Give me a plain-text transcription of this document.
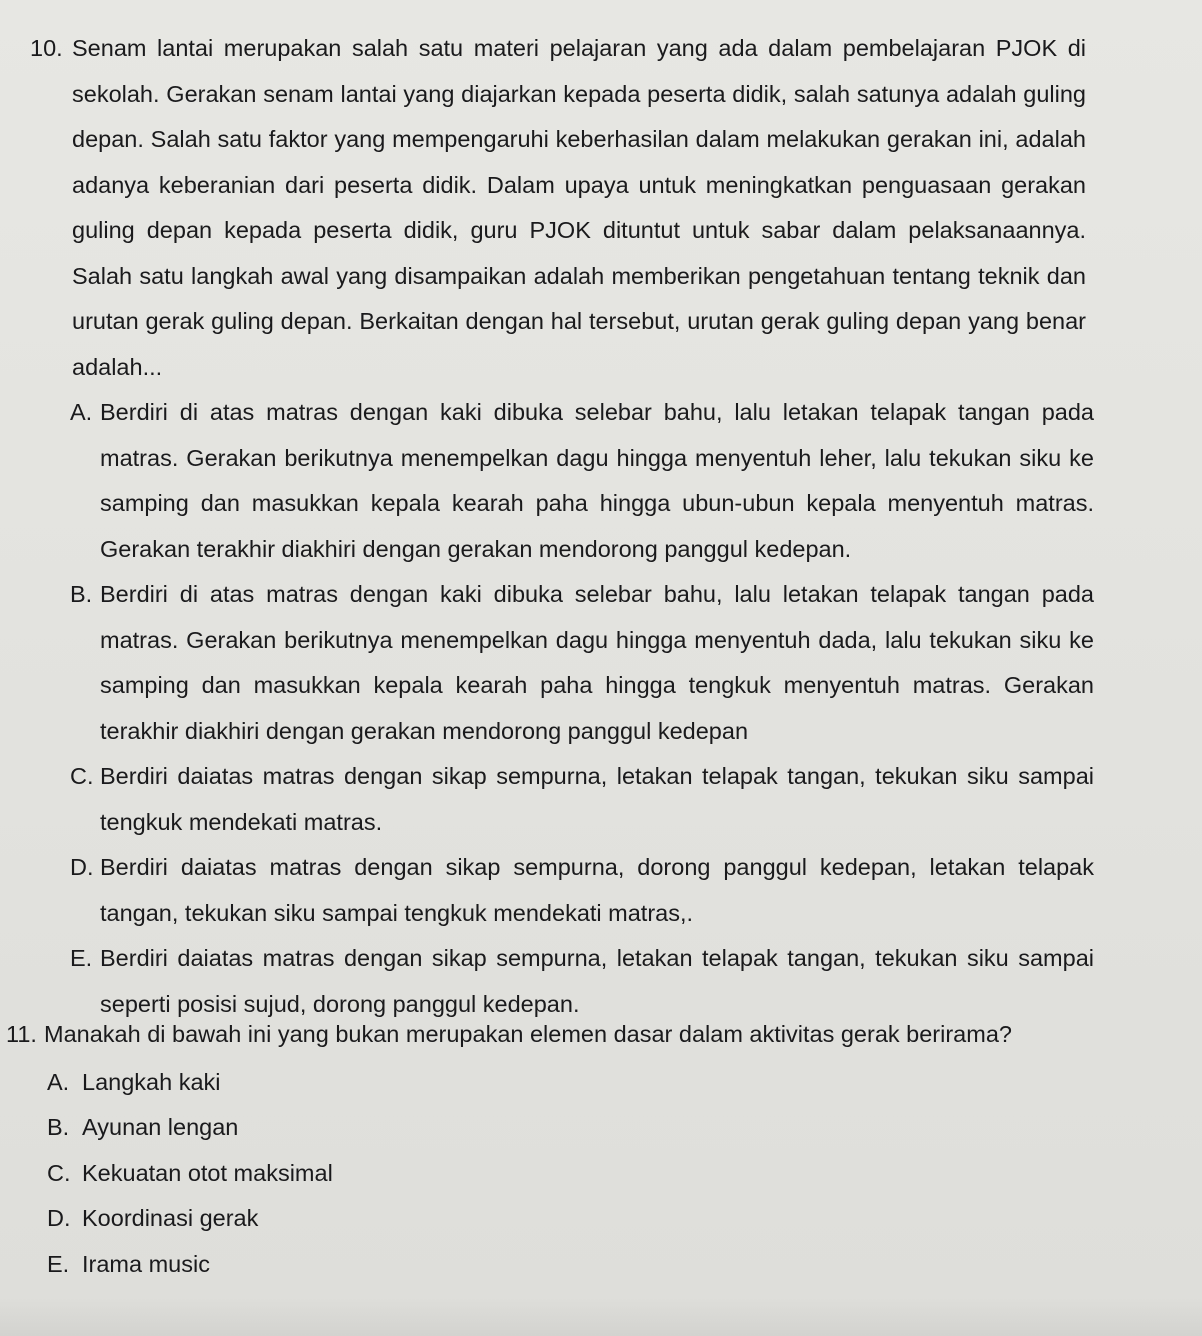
10. Senam lantai merupakan salah satu materi pelajaran yang ada dalam pembelajaran PJOK di sekolah. Gerakan senam lantai yang diajarkan kepada peserta didik, salah satunya adalah guling depan. Salah satu faktor yang mempengaruhi keberhasilan dalam melakukan gerakan ini, adalah adanya keberanian dari peserta didik. Dalam upaya untuk meningkatkan penguasaan gerakan guling depan kepada peserta didik, guru PJOK dituntut untuk sabar dalam pelaksanaannya. Salah satu langkah awal yang disampaikan adalah memberikan pengetahuan tentang teknik dan urutan gerak guling depan. Berkaitan dengan hal tersebut, urutan gerak guling depan yang benar adalah...
A. Berdiri di atas matras dengan kaki dibuka selebar bahu, lalu letakan telapak tangan pada matras. Gerakan berikutnya menempelkan dagu hingga menyentuh leher, lalu tekukan siku ke samping dan masukkan kepala kearah paha hingga ubun-ubun kepala menyentuh matras. Gerakan terakhir diakhiri dengan gerakan mendorong panggul kedepan.
B. Berdiri di atas matras dengan kaki dibuka selebar bahu, lalu letakan telapak tangan pada matras. Gerakan berikutnya menempelkan dagu hingga menyentuh dada, lalu tekukan siku ke samping dan masukkan kepala kearah paha hingga tengkuk menyentuh matras. Gerakan terakhir diakhiri dengan gerakan mendorong panggul kedepan
C. Berdiri daiatas matras dengan sikap sempurna, letakan telapak tangan, tekukan siku sampai tengkuk mendekati matras.
D. Berdiri daiatas matras dengan sikap sempurna, dorong panggul kedepan, letakan telapak tangan, tekukan siku sampai tengkuk mendekati matras,.
E. Berdiri daiatas matras dengan sikap sempurna, letakan telapak tangan, tekukan siku sampai seperti posisi sujud, dorong panggul kedepan.
11. Manakah di bawah ini yang bukan merupakan elemen dasar dalam aktivitas gerak berirama?
A. Langkah kaki
B. Ayunan lengan
C. Kekuatan otot maksimal
D. Koordinasi gerak
E. Irama music
